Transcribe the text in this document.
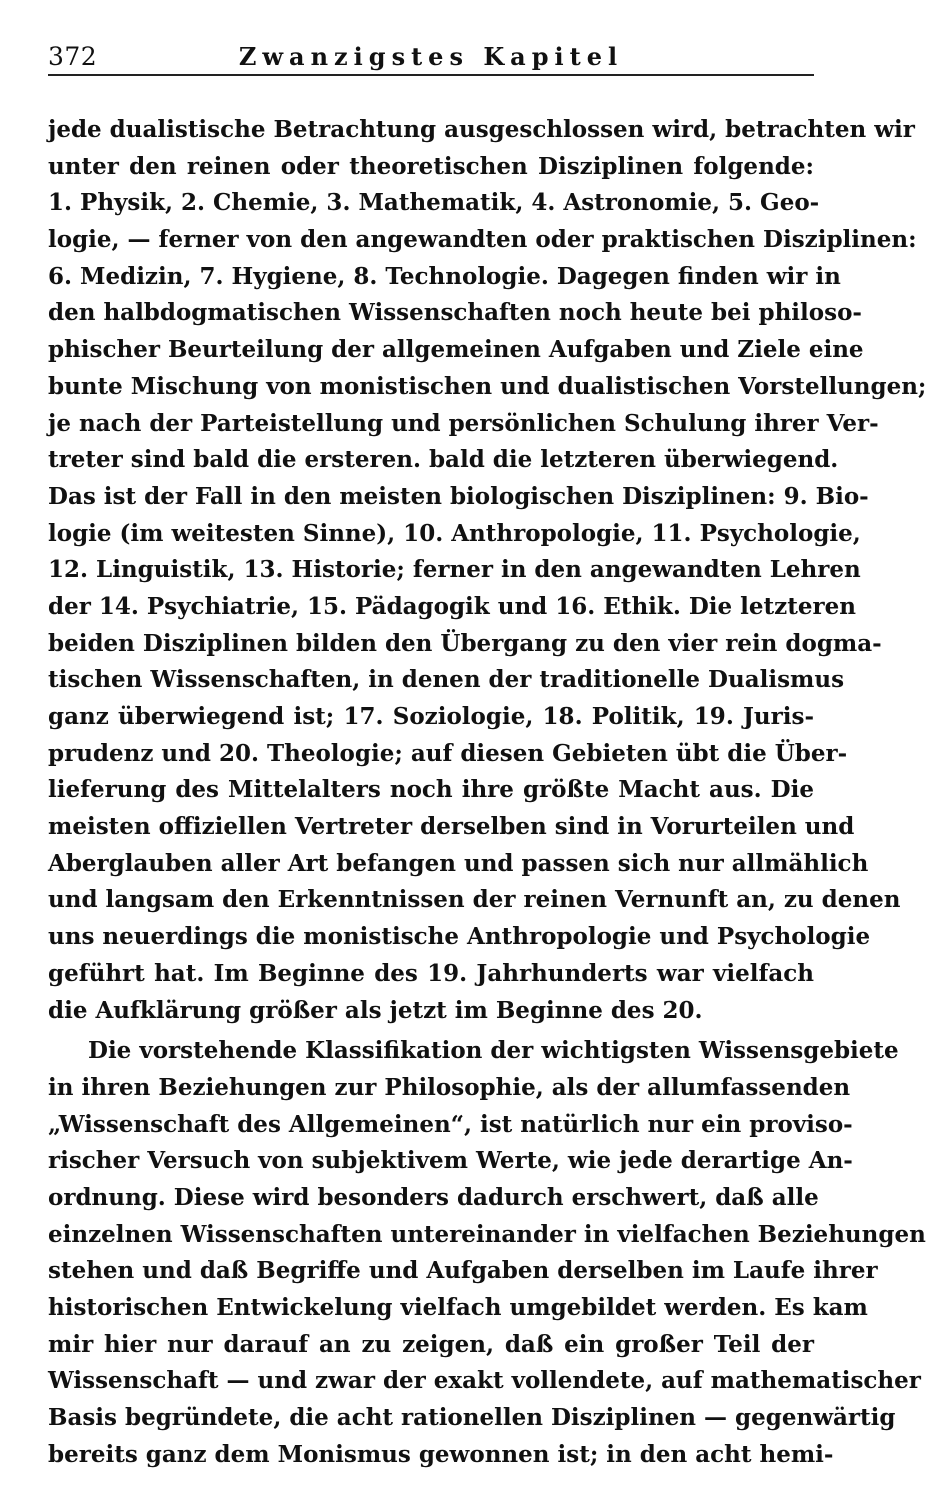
372	Zwanzigstes Kapitel
jede dualistische Betrachtung ausgeschlossen wird, betrachten wir
unter den reinen oder theoretischen Disziplinen folgende:
1. Physik, 2. Chemie, 3. Mathematik, 4. Astronomie, 5. Geo-
logie, — ferner von den angewandten oder praktischen Disziplinen:
6. Medizin, 7. Hygiene, 8. Technologie. Dagegen finden wir in
den halbdogmatischen Wissenschaften noch heute bei philoso-
phischer Beurteilung der allgemeinen Aufgaben und Ziele eine
bunte Mischung von monistischen und dualistischen Vorstellungen;
je nach der Parteistellung und persönlichen Schulung ihrer Ver-
treter sind bald die ersteren. bald die letzteren überwiegend.
Das ist der Fall in den meisten biologischen Disziplinen: 9. Bio-
logie (im weitesten Sinne), 10. Anthropologie, 11. Psychologie,
12. Linguistik, 13. Historie; ferner in den angewandten Lehren
der 14. Psychiatrie, 15. Pädagogik und 16. Ethik. Die letzteren
beiden Disziplinen bilden den Übergang zu den vier rein dogma-
tischen Wissenschaften, in denen der traditionelle Dualismus
ganz überwiegend ist; 17. Soziologie, 18. Politik, 19. Juris-
prudenz und 20. Theologie; auf diesen Gebieten übt die Über-
lieferung des Mittelalters noch ihre größte Macht aus. Die
meisten offiziellen Vertreter derselben sind in Vorurteilen und
Aberglauben aller Art befangen und passen sich nur allmählich
und langsam den Erkenntnissen der reinen Vernunft an, zu denen
uns neuerdings die monistische Anthropologie und Psychologie
geführt hat. Im Beginne des 19. Jahrhunderts war vielfach
die Aufklärung größer als jetzt im Beginne des 20.
Die vorstehende Klassifikation der wichtigsten Wissensgebiete
in ihren Beziehungen zur Philosophie, als der allumfassenden
„Wissenschaft des Allgemeinen“, ist natürlich nur ein proviso-
rischer Versuch von subjektivem Werte, wie jede derartige An-
ordnung. Diese wird besonders dadurch erschwert, daß alle
einzelnen Wissenschaften untereinander in vielfachen Beziehungen
stehen und daß Begriffe und Aufgaben derselben im Laufe ihrer
historischen Entwickelung vielfach umgebildet werden. Es kam
mir hier nur darauf an zu zeigen, daß ein großer Teil der
Wissenschaft — und zwar der exakt vollendete, auf mathematischer
Basis begründete, die acht rationellen Disziplinen — gegenwärtig
bereits ganz dem Monismus gewonnen ist; in den acht hemi-
